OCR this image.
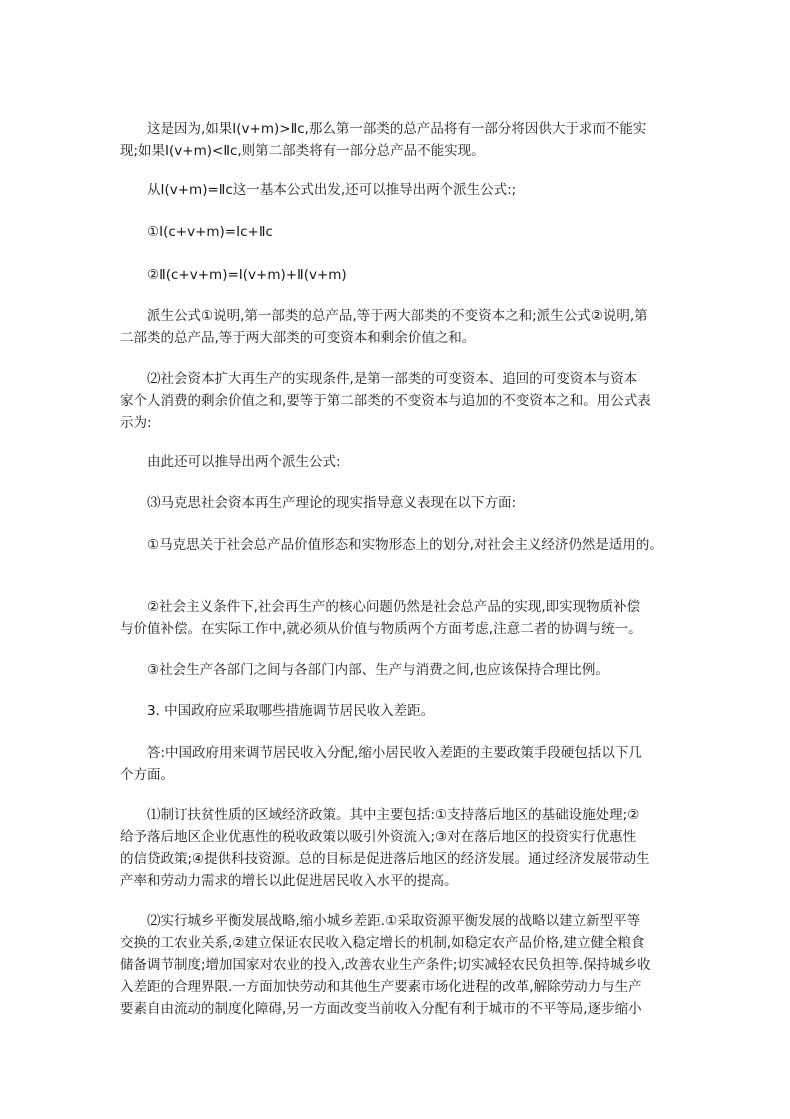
这是因为,如果Ⅰ(v+m)>Ⅱc,那么第一部类的总产品将有一部分将因供大于求而不能实
现;如果Ⅰ(v+m)<Ⅱc,则第二部类将有一部分总产品不能实现。
从Ⅰ(v+m)=Ⅱc这一基本公式出发,还可以推导出两个派生公式:;
①Ⅰ(c+v+m)=Ⅰc+Ⅱc
②Ⅱ(c+v+m)=Ⅰ(v+m)+Ⅱ(v+m)
派生公式①说明,第一部类的总产品,等于两大部类的不变资本之和;派生公式②说明,第
二部类的总产品,等于两大部类的可变资本和剩余价值之和。
⑵社会资本扩大再生产的实现条件,是第一部类的可变资本、追回的可变资本与资本
家个人消费的剩余价值之和,要等于第二部类的不变资本与追加的不变资本之和。用公式表
示为:
由此还可以推导出两个派生公式:
⑶马克思社会资本再生产理论的现实指导意义表现在以下方面:
①马克思关于社会总产品价值形态和实物形态上的划分,对社会主义经济仍然是适用的。
②社会主义条件下,社会再生产的核心问题仍然是社会总产品的实现,即实现物质补偿
与价值补偿。在实际工作中,就必须从价值与物质两个方面考虑,注意二者的协调与统一。
③社会生产各部门之间与各部门内部、生产与消费之间,也应该保持合理比例。
3. 中国政府应采取哪些措施调节居民收入差距。
答:中国政府用来调节居民收入分配,缩小居民收入差距的主要政策手段硬包括以下几
个方面。
⑴制订扶贫性质的区域经济政策。其中主要包括:①支持落后地区的基础设施处理;②
给予落后地区企业优惠性的税收政策以吸引外资流入;③对在落后地区的投资实行优惠性
的信贷政策;④提供科技资源。总的目标是促进落后地区的经济发展。通过经济发展带动生
产率和劳动力需求的增长以此促进居民收入水平的提高。
⑵实行城乡平衡发展战略,缩小城乡差距.①采取资源平衡发展的战略以建立新型平等
交换的工农业关系,②建立保证农民收入稳定增长的机制,如稳定农产品价格,建立健全粮食
储备调节制度;增加国家对农业的投入,改善农业生产条件;切实减轻农民负担等.保持城乡收
入差距的合理界限.一方面加快劳动和其他生产要素市场化进程的改革,解除劳动力与生产
要素自由流动的制度化障碍,另一方面改变当前收入分配有利于城市的不平等局,逐步缩小
